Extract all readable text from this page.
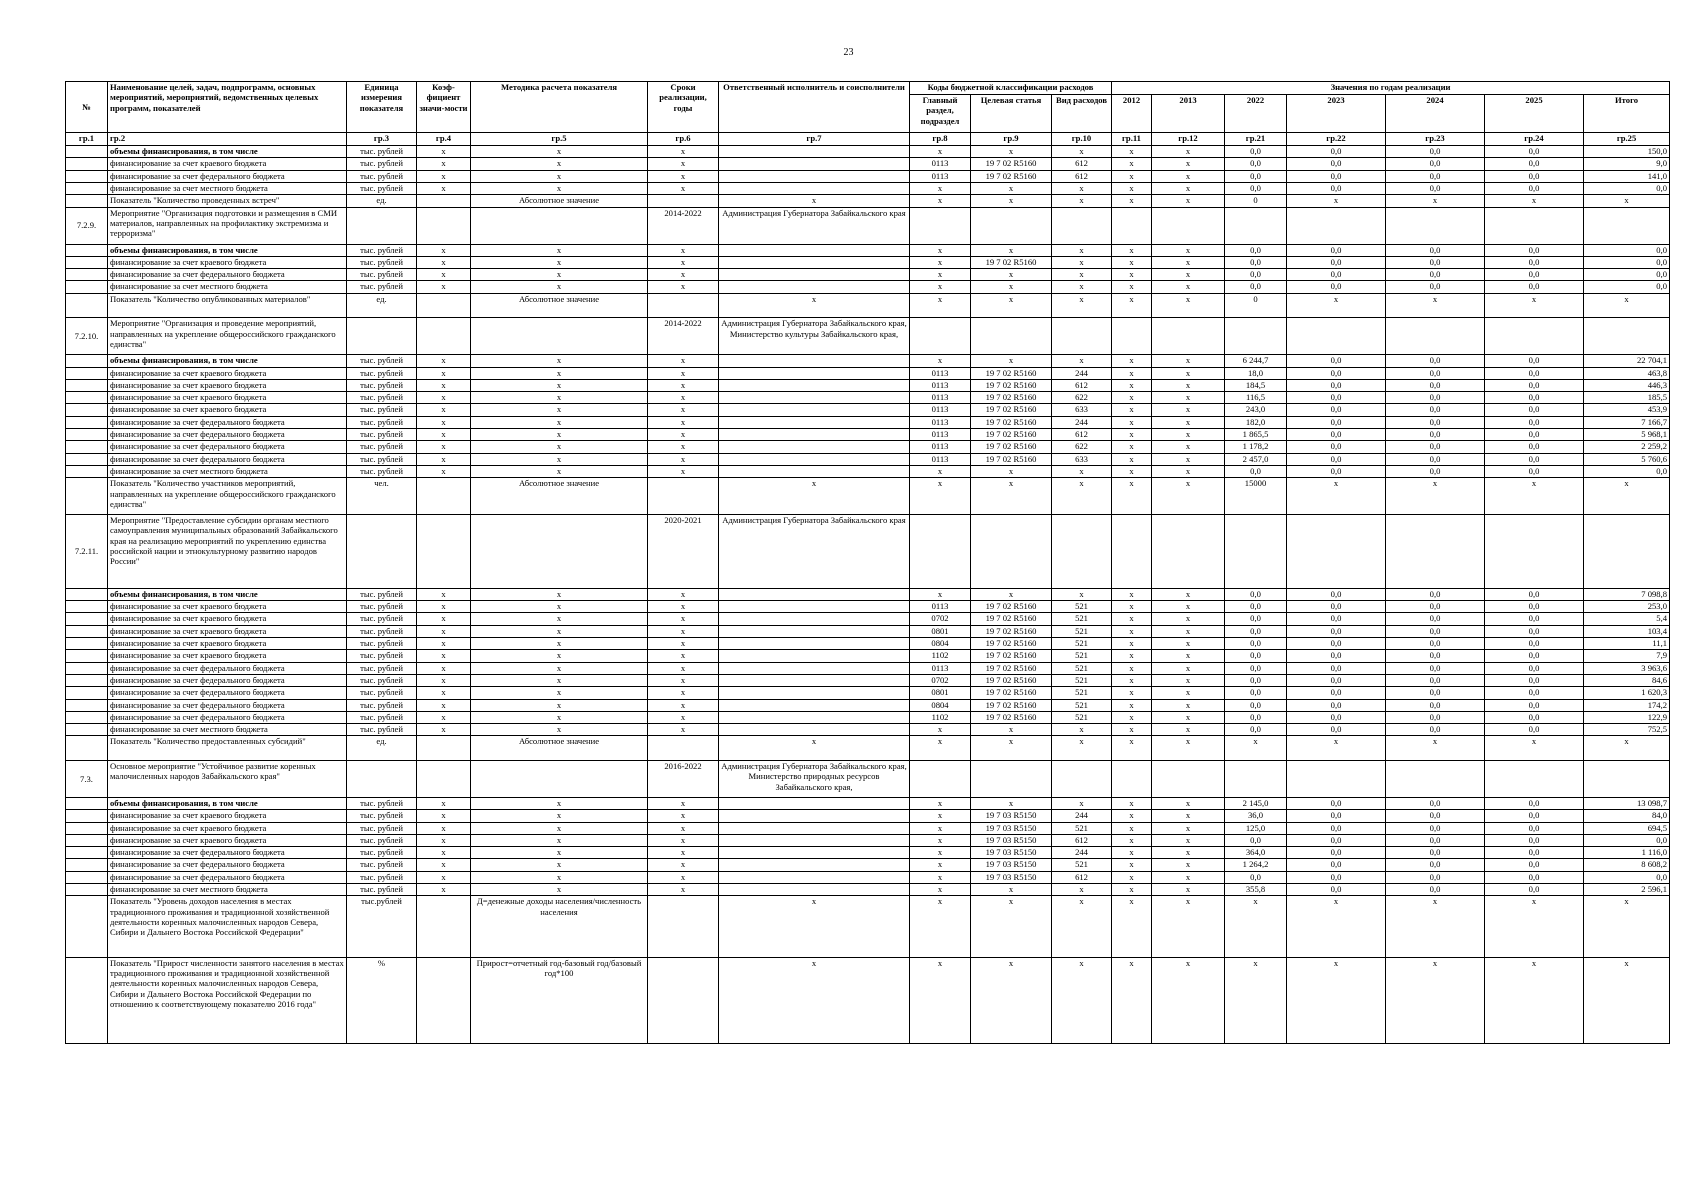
23
№	Наименование целей, задач, подпрограмм, основных мероприятий, мероприятий, ведомственных целевых программ, показателей	Единица измерения показателя	Коэф-фициент значи-мости	Методика расчета показателя	Сроки реализации, годы	Ответственный исполнитель и соисполнители	Коды бюджетной классификации расходов			Значения по годам реализации						
							Главный раздел, подраздел	Целевая статья	Вид расходов	2012	2013	2022	2023	2024	2025	Итого
гр.1	гр.2	гр.3	гр.4	гр.5	гр.6	гр.7	гр.8	гр.9	гр.10	гр.11	гр.12	гр.21	гр.22	гр.23	гр.24	гр.25
	объемы финансирования, в том числе	тыс. рублей	х	х	х		х	х	х	х	х	0,0	0,0	0,0	0,0	150,0
	финансирование за счет краевого бюджета	тыс. рублей	х	х	х		0113	19 7 02 R5160	612	х	х	0,0	0,0	0,0	0,0	9,0
	финансирование за счет федерального бюджета	тыс. рублей	х	х	х		0113	19 7 02 R5160	612	х	х	0,0	0,0	0,0	0,0	141,0
	финансирование за счет местного бюджета	тыс. рублей	х	х	х		х	х	х	х	х	0,0	0,0	0,0	0,0	0,0
	Показатель "Количество проведенных встреч"	ед.		Абсолютное значение		х	х	х	х	х	х	0	х	х	х	х
7.2.9.	Мероприятие "Организация подготовки и размещения в СМИ материалов, направленных на профилактику экстремизма и терроризма"				2014-2022	Администрация Губернатора Забайкальского края										
	объемы финансирования, в том числе	тыс. рублей	х	х	х		х	х	х	х	х	0,0	0,0	0,0	0,0	0,0
	финансирование за счет краевого бюджета	тыс. рублей	х	х	х		х	19 7 02 R5160	х	х	х	0,0	0,0	0,0	0,0	0,0
	финансирование за счет федерального бюджета	тыс. рублей	х	х	х		х	х	х	х	х	0,0	0,0	0,0	0,0	0,0
	финансирование за счет местного бюджета	тыс. рублей	х	х	х		х	х	х	х	х	0,0	0,0	0,0	0,0	0,0
	Показатель "Количество опубликованных материалов"	ед.		Абсолютное значение		х	х	х	х	х	х	0	х	х	х	х
7.2.10.	Мероприятие "Организация и проведение мероприятий, направленных на укрепление общероссийского гражданского единства"				2014-2022	Администрация Губернатора Забайкальского края, Министерство культуры Забайкальского края,										
	объемы финансирования, в том числе	тыс. рублей	х	х	х		х	х	х	х	х	6 244,7	0,0	0,0	0,0	22 704,1
	финансирование за счет краевого бюджета	тыс. рублей	х	х	х		0113	19 7 02 R5160	244	х	х	18,0	0,0	0,0	0,0	463,8
	финансирование за счет краевого бюджета	тыс. рублей	х	х	х		0113	19 7 02 R5160	612	х	х	184,5	0,0	0,0	0,0	446,3
	финансирование за счет краевого бюджета	тыс. рублей	х	х	х		0113	19 7 02 R5160	622	х	х	116,5	0,0	0,0	0,0	185,5
	финансирование за счет краевого бюджета	тыс. рублей	х	х	х		0113	19 7 02 R5160	633	х	х	243,0	0,0	0,0	0,0	453,9
	финансирование за счет федерального бюджета	тыс. рублей	х	х	х		0113	19 7 02 R5160	244	х	х	182,0	0,0	0,0	0,0	7 166,7
	финансирование за счет федерального бюджета	тыс. рублей	х	х	х		0113	19 7 02 R5160	612	х	х	1 865,5	0,0	0,0	0,0	5 968,1
	финансирование за счет федерального бюджета	тыс. рублей	х	х	х		0113	19 7 02 R5160	622	х	х	1 178,2	0,0	0,0	0,0	2 259,2
	финансирование за счет федерального бюджета	тыс. рублей	х	х	х		0113	19 7 02 R5160	633	х	х	2 457,0	0,0	0,0	0,0	5 760,6
	финансирование за счет местного бюджета	тыс. рублей	х	х	х		х	х	х	х	х	0,0	0,0	0,0	0,0	0,0
	Показатель "Количество участников мероприятий, направленных на укрепление общероссийского гражданского единства"	чел.		Абсолютное значение		х	х	х	х	х	х	15000	х	х	х	х
7.2.11.	Мероприятие "Предоставление субсидии органам местного самоуправления муниципальных образований Забайкальского края на реализацию мероприятий по укреплению единства российской нации и этнокультурному развитию народов России"				2020-2021	Администрация Губернатора Забайкальского края										
	объемы финансирования, в том числе	тыс. рублей	х	х	х		х	х	х	х	х	0,0	0,0	0,0	0,0	7 098,8
	финансирование за счет краевого бюджета	тыс. рублей	х	х	х		0113	19 7 02 R5160	521	х	х	0,0	0,0	0,0	0,0	253,0
	финансирование за счет краевого бюджета	тыс. рублей	х	х	х		0702	19 7 02 R5160	521	х	х	0,0	0,0	0,0	0,0	5,4
	финансирование за счет краевого бюджета	тыс. рублей	х	х	х		0801	19 7 02 R5160	521	х	х	0,0	0,0	0,0	0,0	103,4
	финансирование за счет краевого бюджета	тыс. рублей	х	х	х		0804	19 7 02 R5160	521	х	х	0,0	0,0	0,0	0,0	11,1
	финансирование за счет краевого бюджета	тыс. рублей	х	х	х		1102	19 7 02 R5160	521	х	х	0,0	0,0	0,0	0,0	7,9
	финансирование за счет федерального бюджета	тыс. рублей	х	х	х		0113	19 7 02 R5160	521	х	х	0,0	0,0	0,0	0,0	3 963,6
	финансирование за счет федерального бюджета	тыс. рублей	х	х	х		0702	19 7 02 R5160	521	х	х	0,0	0,0	0,0	0,0	84,6
	финансирование за счет федерального бюджета	тыс. рублей	х	х	х		0801	19 7 02 R5160	521	х	х	0,0	0,0	0,0	0,0	1 620,3
	финансирование за счет федерального бюджета	тыс. рублей	х	х	х		0804	19 7 02 R5160	521	х	х	0,0	0,0	0,0	0,0	174,2
	финансирование за счет федерального бюджета	тыс. рублей	х	х	х		1102	19 7 02 R5160	521	х	х	0,0	0,0	0,0	0,0	122,9
	финансирование за счет местного бюджета	тыс. рублей	х	х	х		х	х	х	х	х	0,0	0,0	0,0	0,0	752,5
	Показатель "Количество предоставленных субсидий"	ед.		Абсолютное значение		х	х	х	х	х	х	х	х	х	х	х
7.3.	Основное мероприятие "Устойчивое развитие коренных малочисленных народов Забайкальского края"				2016-2022	Администрация Губернатора Забайкальского края, Министерство природных ресурсов Забайкальского края,										
	объемы финансирования, в том числе	тыс. рублей	х	х	х		х	х	х	х	х	2 145,0	0,0	0,0	0,0	13 098,7
	финансирование за счет краевого бюджета	тыс. рублей	х	х	х		х	19 7 03 R5150	244	х	х	36,0	0,0	0,0	0,0	84,0
	финансирование за счет краевого бюджета	тыс. рублей	х	х	х		х	19 7 03 R5150	521	х	х	125,0	0,0	0,0	0,0	694,5
	финансирование за счет краевого бюджета	тыс. рублей	х	х	х		х	19 7 03 R5150	612	х	х	0,0	0,0	0,0	0,0	0,0
	финансирование за счет федерального бюджета	тыс. рублей	х	х	х		х	19 7 03 R5150	244	х	х	364,0	0,0	0,0	0,0	1 116,0
	финансирование за счет федерального бюджета	тыс. рублей	х	х	х		х	19 7 03 R5150	521	х	х	1 264,2	0,0	0,0	0,0	8 608,2
	финансирование за счет федерального бюджета	тыс. рублей	х	х	х		х	19 7 03 R5150	612	х	х	0,0	0,0	0,0	0,0	0,0
	финансирование за счет местного бюджета	тыс. рублей	х	х	х		х	х	х	х	х	355,8	0,0	0,0	0,0	2 596,1
	Показатель "Уровень доходов населения в местах традиционного проживания и традиционной хозяйственной деятельности коренных малочисленных народов Севера, Сибири и Дальнего Востока Российской Федерации"	тыс.рублей		Д=денежные доходы населения/численность населения		х	х	х	х	х	х	х	х	х	х	х
	Показатель "Прирост численности занятого населения в местах традиционного проживания и традиционной хозяйственной деятельности коренных малочисленных народов Севера, Сибири и Дальнего Востока Российской Федерации по отношению к соответствующему показателю 2016 года"	%		Прирост=отчетный год-базовый год/базовый год*100		х	х	х	х	х	х	х	х	х	х	х
